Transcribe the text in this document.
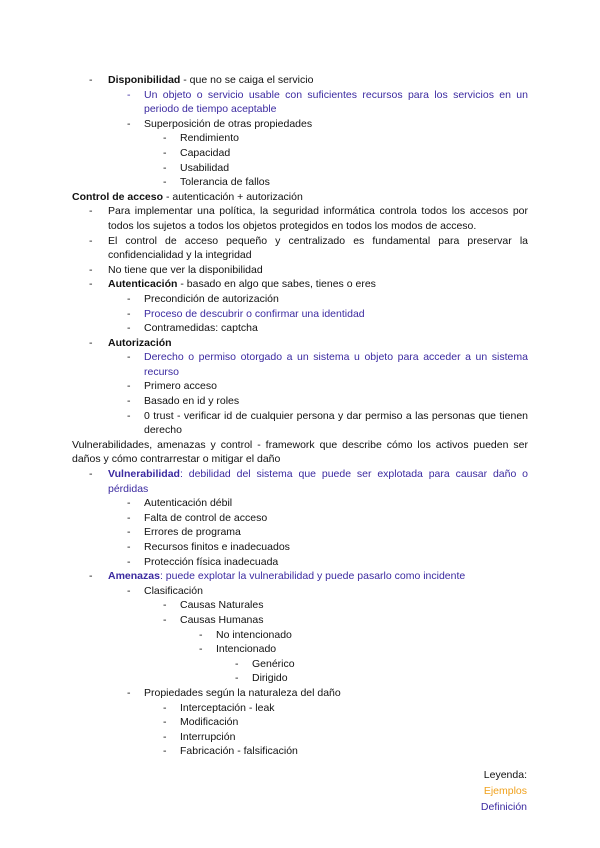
- Disponibilidad - que no se caiga el servicio
- Un objeto o servicio usable con suficientes recursos para los servicios en un periodo de tiempo aceptable
- Superposición de otras propiedades
- Rendimiento
- Capacidad
- Usabilidad
- Tolerancia de fallos
Control de acceso - autenticación + autorización
- Para implementar una política, la seguridad informática controla todos los accesos por todos los sujetos a todos los objetos protegidos en todos los modos de acceso.
- El control de acceso pequeño y centralizado es fundamental para preservar la confidencialidad y la integridad
- No tiene que ver la disponibilidad
- Autenticación - basado en algo que sabes, tienes o eres
- Precondición de autorización
- Proceso de descubrir o confirmar una identidad
- Contramedidas: captcha
- Autorización
- Derecho o permiso otorgado a un sistema u objeto para acceder a un sistema recurso
- Primero acceso
- Basado en id y roles
- 0 trust - verificar id de cualquier persona y dar permiso a las personas que tienen derecho
Vulnerabilidades, amenazas y control - framework que describe cómo los activos pueden ser daños y cómo contrarrestar o mitigar el daño
- Vulnerabilidad: debilidad del sistema que puede ser explotada para causar daño o pérdidas
- Autenticación débil
- Falta de control de acceso
- Errores de programa
- Recursos finitos e inadecuados
- Protección física inadecuada
- Amenazas: puede explotar la vulnerabilidad y puede pasarlo como incidente
- Clasificación
- Causas Naturales
- Causas Humanas
- No intencionado
- Intencionado
- Genérico
- Dirigido
- Propiedades según la naturaleza del daño
- Interceptación - leak
- Modificación
- Interrupción
- Fabricación - falsificación
Leyenda:
Ejemplos
Definición
